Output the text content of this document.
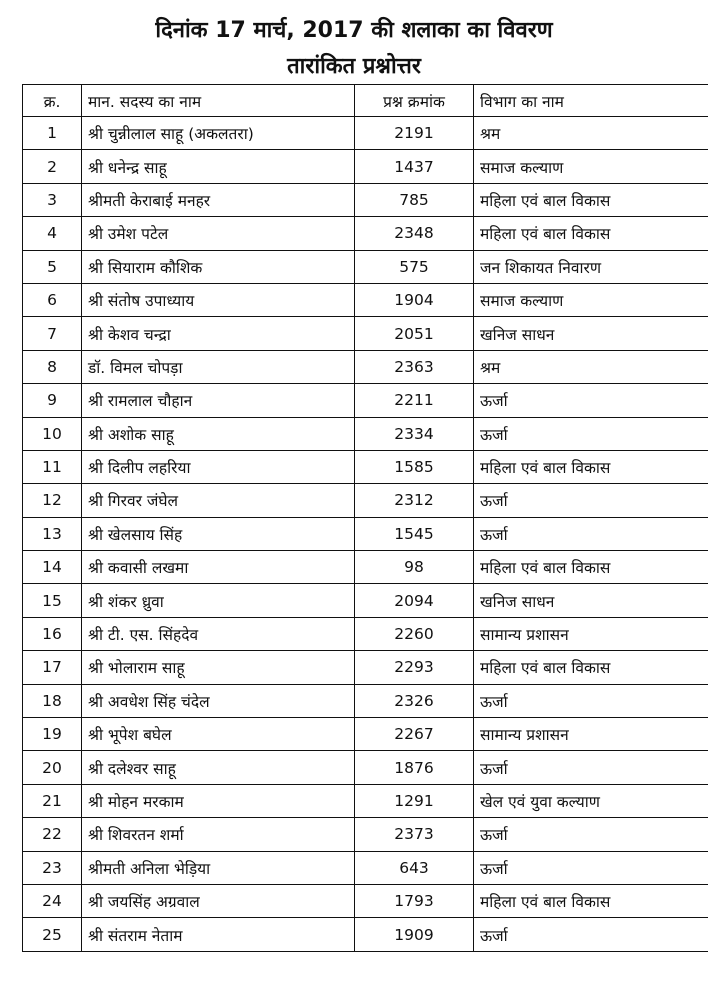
दिनांक 17 मार्च, 2017 की शलाका का विवरण
तारांकित प्रश्नोत्तर
क्र.	मान. सदस्य का नाम	प्रश्न क्रमांक	विभाग का नाम
1	श्री चुन्नीलाल साहू (अकलतरा)	2191	श्रम
2	श्री धनेन्द्र साहू	1437	समाज कल्याण
3	श्रीमती केराबाई मनहर	785	महिला एवं बाल विकास
4	श्री उमेश पटेल	2348	महिला एवं बाल विकास
5	श्री सियाराम कौशिक	575	जन शिकायत निवारण
6	श्री संतोष उपाध्याय	1904	समाज कल्याण
7	श्री केशव चन्द्रा	2051	खनिज साधन
8	डॉ. विमल चोपड़ा	2363	श्रम
9	श्री रामलाल चौहान	2211	ऊर्जा
10	श्री अशोक साहू	2334	ऊर्जा
11	श्री दिलीप लहरिया	1585	महिला एवं बाल विकास
12	श्री गिरवर जंघेल	2312	ऊर्जा
13	श्री खेलसाय सिंह	1545	ऊर्जा
14	श्री कवासी लखमा	98	महिला एवं बाल विकास
15	श्री शंकर ध्रुवा	2094	खनिज साधन
16	श्री टी. एस. सिंहदेव	2260	सामान्य प्रशासन
17	श्री भोलाराम साहू	2293	महिला एवं बाल विकास
18	श्री अवधेश सिंह चंदेल	2326	ऊर्जा
19	श्री भूपेश बघेल	2267	सामान्य प्रशासन
20	श्री दलेश्वर साहू	1876	ऊर्जा
21	श्री मोहन मरकाम	1291	खेल एवं युवा कल्याण
22	श्री शिवरतन शर्मा	2373	ऊर्जा
23	श्रीमती अनिला भेड़िया	643	ऊर्जा
24	श्री जयसिंह अग्रवाल	1793	महिला एवं बाल विकास
25	श्री संतराम नेताम	1909	ऊर्जा
